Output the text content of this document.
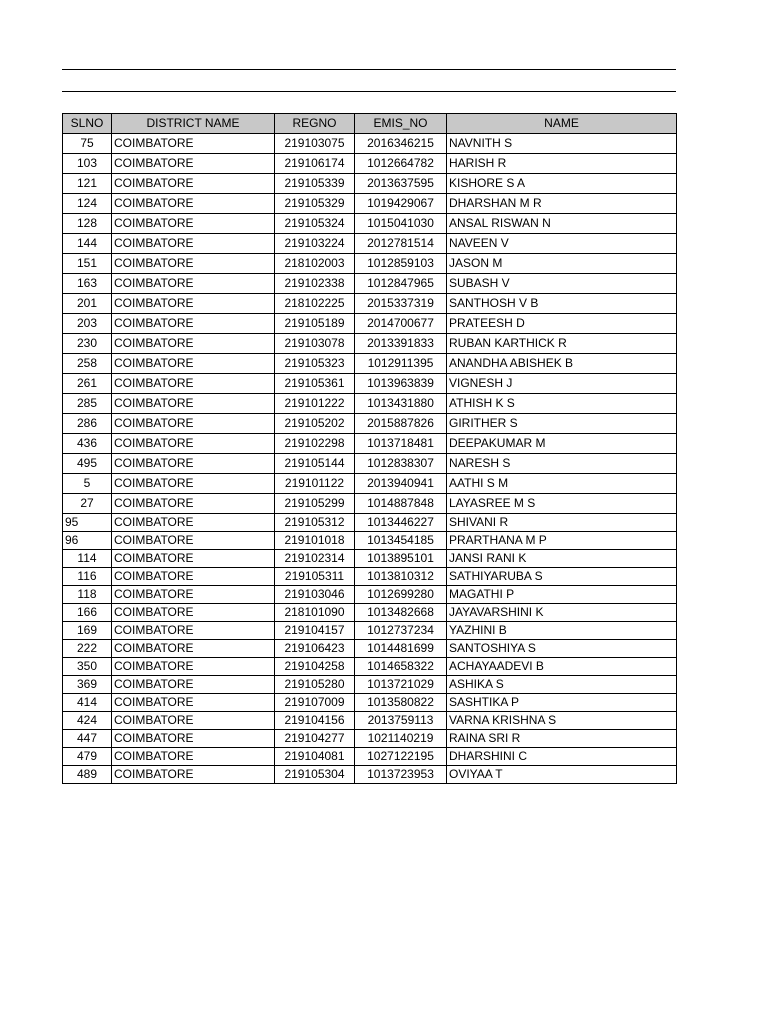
SLNO	DISTRICT NAME	REGNO	EMIS_NO	NAME
75	COIMBATORE	219103075	2016346215	NAVNITH S
103	COIMBATORE	219106174	1012664782	HARISH R
121	COIMBATORE	219105339	2013637595	KISHORE S A
124	COIMBATORE	219105329	1019429067	DHARSHAN M R
128	COIMBATORE	219105324	1015041030	ANSAL RISWAN N
144	COIMBATORE	219103224	2012781514	NAVEEN V
151	COIMBATORE	218102003	1012859103	JASON M
163	COIMBATORE	219102338	1012847965	SUBASH V
201	COIMBATORE	218102225	2015337319	SANTHOSH V B
203	COIMBATORE	219105189	2014700677	PRATEESH D
230	COIMBATORE	219103078	2013391833	RUBAN KARTHICK R
258	COIMBATORE	219105323	1012911395	ANANDHA ABISHEK B
261	COIMBATORE	219105361	1013963839	VIGNESH J
285	COIMBATORE	219101222	1013431880	ATHISH K S
286	COIMBATORE	219105202	2015887826	GIRITHER S
436	COIMBATORE	219102298	1013718481	DEEPAKUMAR M
495	COIMBATORE	219105144	1012838307	NARESH S
5	COIMBATORE	219101122	2013940941	AATHI S M
27	COIMBATORE	219105299	1014887848	LAYASREE M S
95	COIMBATORE	219105312	1013446227	SHIVANI R
96	COIMBATORE	219101018	1013454185	PRARTHANA M P
114	COIMBATORE	219102314	1013895101	JANSI RANI K
116	COIMBATORE	219105311	1013810312	SATHIYARUBA S
118	COIMBATORE	219103046	1012699280	MAGATHI P
166	COIMBATORE	218101090	1013482668	JAYAVARSHINI K
169	COIMBATORE	219104157	1012737234	YAZHINI B
222	COIMBATORE	219106423	1014481699	SANTOSHIYA S
350	COIMBATORE	219104258	1014658322	ACHAYAADEVI B
369	COIMBATORE	219105280	1013721029	ASHIKA S
414	COIMBATORE	219107009	1013580822	SASHTIKA P
424	COIMBATORE	219104156	2013759113	VARNA KRISHNA S
447	COIMBATORE	219104277	1021140219	RAINA SRI R
479	COIMBATORE	219104081	1027122195	DHARSHINI C
489	COIMBATORE	219105304	1013723953	OVIYAA T
